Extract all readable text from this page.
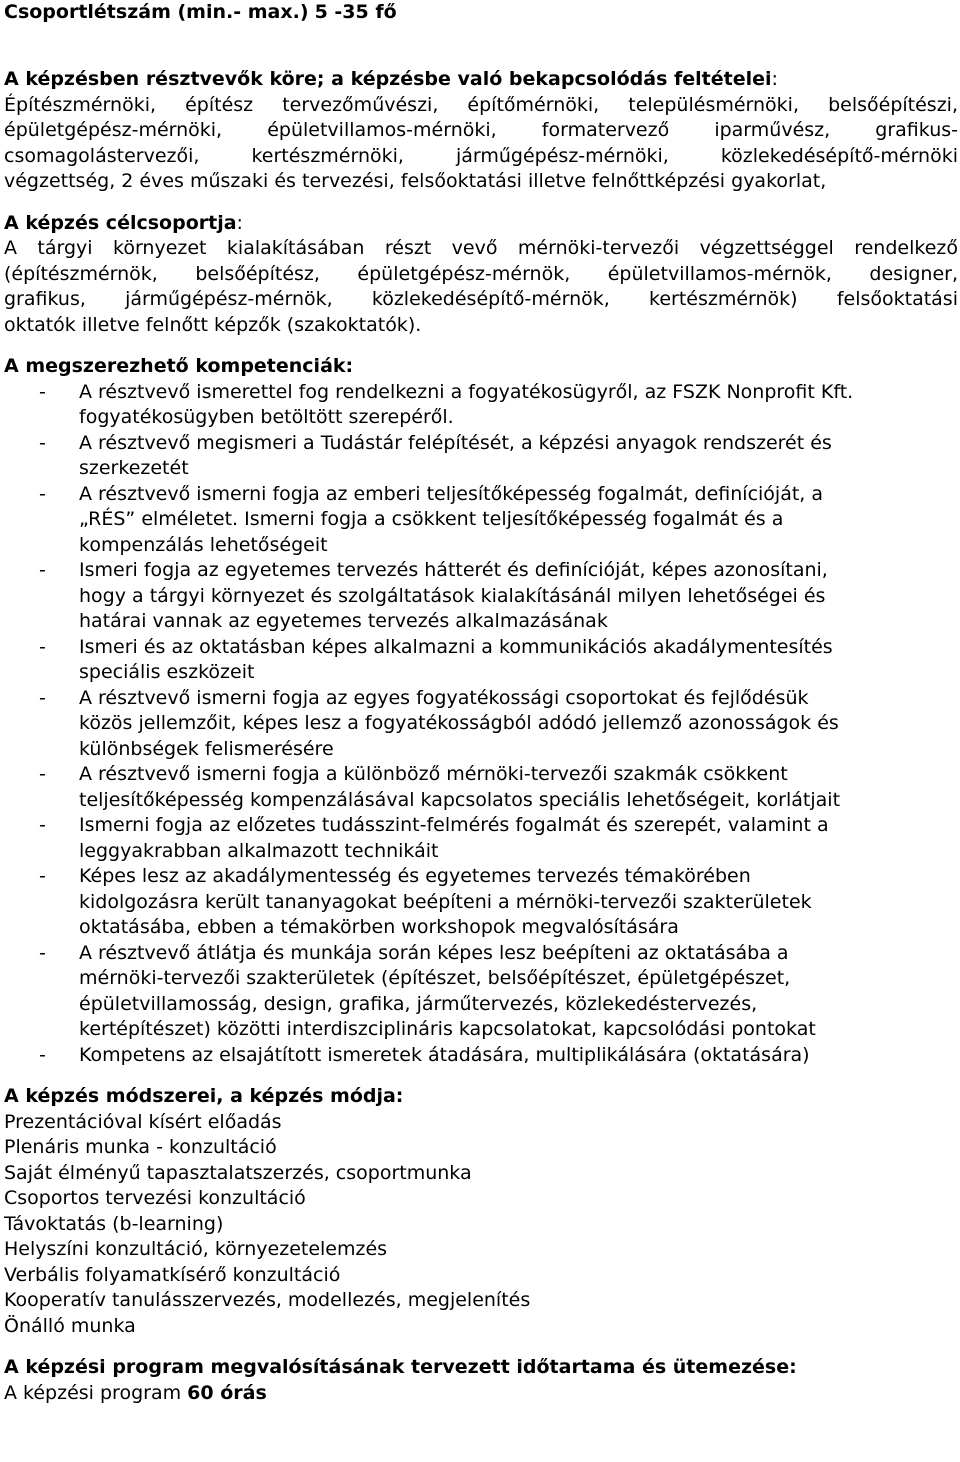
Csoportlétszám (min.- max.) 5 -35 fő
A képzésben résztvevők köre; a képzésbe való bekapcsolódás feltételei:
Építészmérnöki, építész tervezőművészi, építőmérnöki, településmérnöki, belsőépítészi,
épületgépész-mérnöki, épületvillamos-mérnöki, formatervező iparművész, grafikus-
csomagolástervezői, kertészmérnöki, járműgépész-mérnöki, közlekedésépítő-mérnöki
végzettség, 2 éves műszaki és tervezési, felsőoktatási illetve felnőttképzési gyakorlat,
A képzés célcsoportja:
A tárgyi környezet kialakításában részt vevő mérnöki-tervezői végzettséggel rendelkező
(építészmérnök, belsőépítész, épületgépész-mérnök, épületvillamos-mérnök, designer,
grafikus, járműgépész-mérnök, közlekedésépítő-mérnök, kertészmérnök) felsőoktatási
oktatók illetve felnőtt képzők (szakoktatók).
A megszerezhető kompetenciák:
- A résztvevő ismerettel fog rendelkezni a fogyatékosügyről, az FSZK Nonprofit Kft.
fogyatékosügyben betöltött szerepéről.
- A résztvevő megismeri a Tudástár felépítését, a képzési anyagok rendszerét és
szerkezetét
- A résztvevő ismerni fogja az emberi teljesítőképesség fogalmát, definícióját, a
„RÉS” elméletet. Ismerni fogja a csökkent teljesítőképesség fogalmát és a
kompenzálás lehetőségeit
- Ismeri fogja az egyetemes tervezés hátterét és definícióját, képes azonosítani,
hogy a tárgyi környezet és szolgáltatások kialakításánál milyen lehetőségei és
határai vannak az egyetemes tervezés alkalmazásának
- Ismeri és az oktatásban képes alkalmazni a kommunikációs akadálymentesítés
speciális eszközeit
- A résztvevő ismerni fogja az egyes fogyatékossági csoportokat és fejlődésük
közös jellemzőit, képes lesz a fogyatékosságból adódó jellemző azonosságok és
különbségek felismerésére
- A résztvevő ismerni fogja a különböző mérnöki-tervezői szakmák csökkent
teljesítőképesség kompenzálásával kapcsolatos speciális lehetőségeit, korlátjait
- Ismerni fogja az előzetes tudásszint-felmérés fogalmát és szerepét, valamint a
leggyakrabban alkalmazott technikáit
- Képes lesz az akadálymentesség és egyetemes tervezés témakörében
kidolgozásra került tananyagokat beépíteni a mérnöki-tervezői szakterületek
oktatásába, ebben a témakörben workshopok megvalósítására
- A résztvevő átlátja és munkája során képes lesz beépíteni az oktatásába a
mérnöki-tervezői szakterületek (építészet, belsőépítészet, épületgépészet,
épületvillamosság, design, grafika, járműtervezés, közlekedéstervezés,
kertépítészet) közötti interdiszciplináris kapcsolatokat, kapcsolódási pontokat
- Kompetens az elsajátított ismeretek átadására, multiplikálására (oktatására)
A képzés módszerei, a képzés módja:
Prezentációval kísért előadás
Plenáris munka - konzultáció
Saját élményű tapasztalatszerzés, csoportmunka
Csoportos tervezési konzultáció
Távoktatás (b-learning)
Helyszíni konzultáció, környezetelemzés
Verbális folyamatkísérő konzultáció
Kooperatív tanulásszervezés, modellezés, megjelenítés
Önálló munka
A képzési program megvalósításának tervezett időtartama és ütemezése:
A képzési program 60 órás
